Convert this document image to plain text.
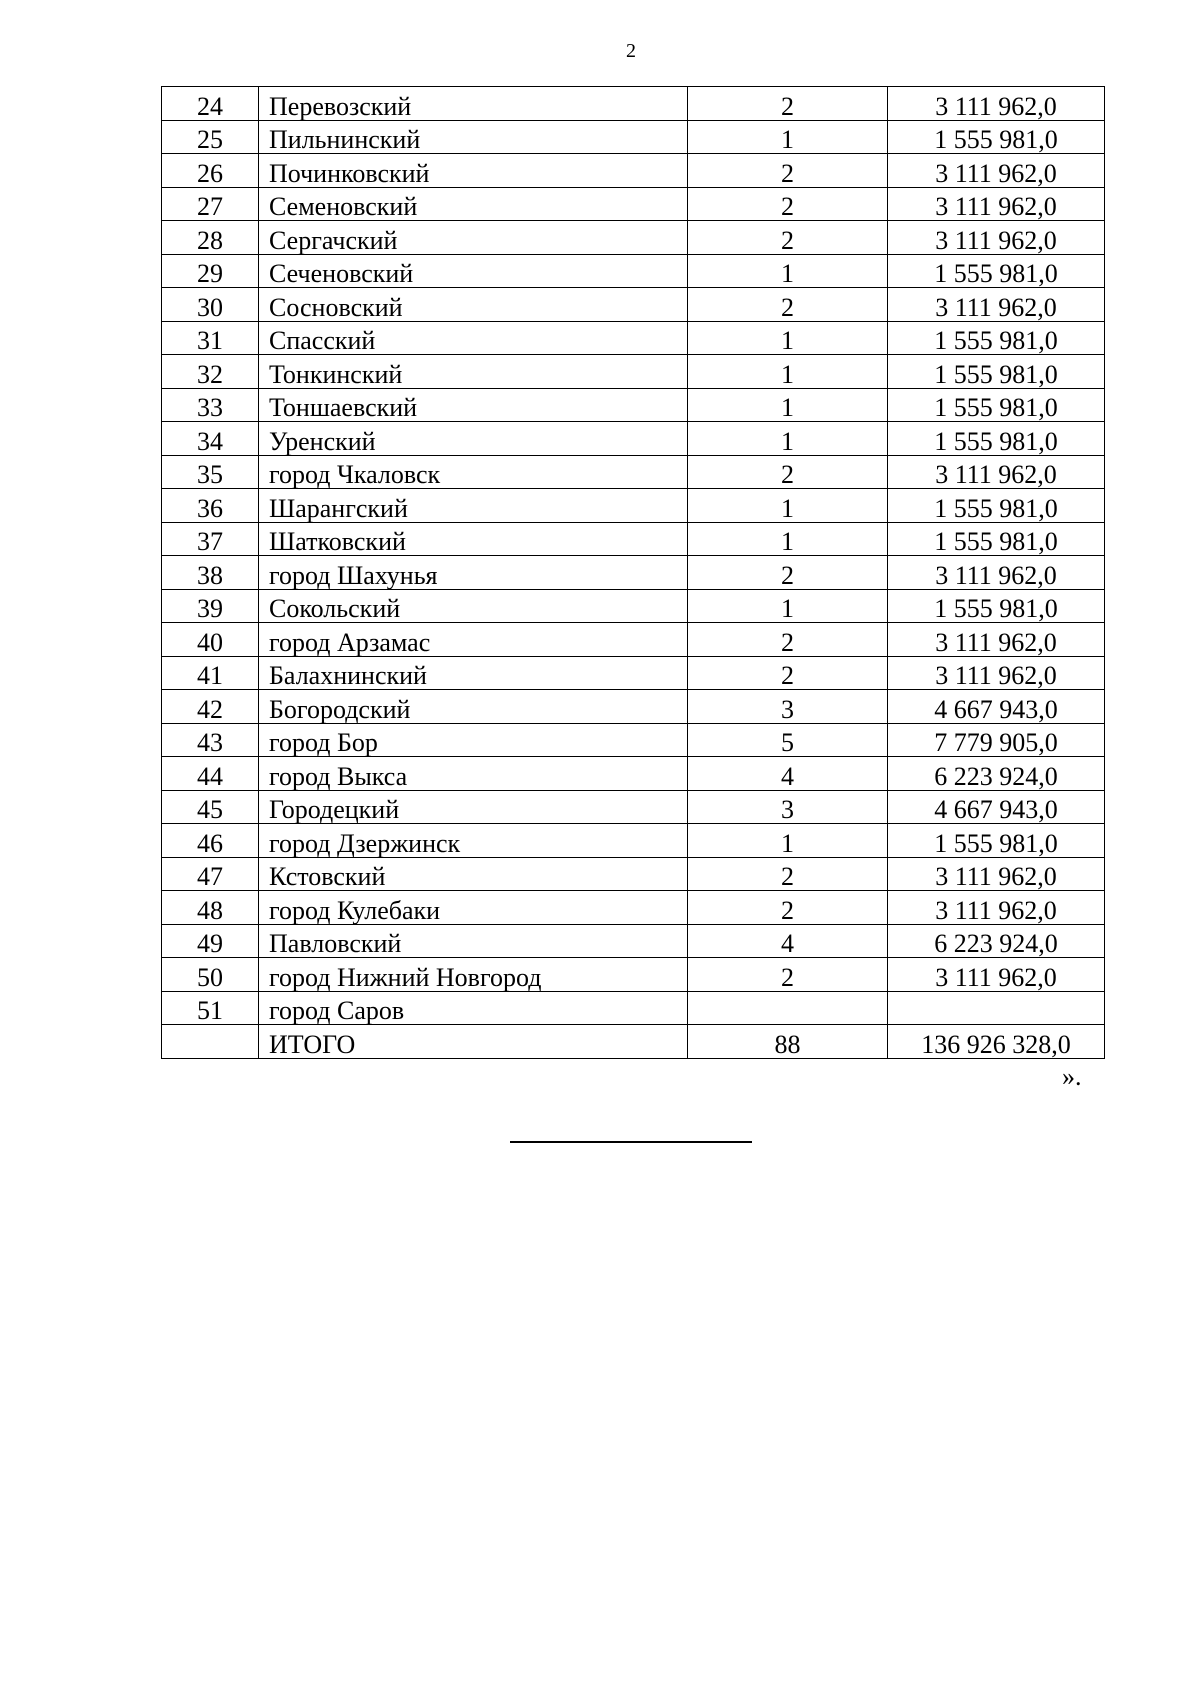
2
24	Перевозский	2	3 111 962,0
25	Пильнинский	1	1 555 981,0
26	Починковский	2	3 111 962,0
27	Семеновский	2	3 111 962,0
28	Сергачский	2	3 111 962,0
29	Сеченовский	1	1 555 981,0
30	Сосновский	2	3 111 962,0
31	Спасский	1	1 555 981,0
32	Тонкинский	1	1 555 981,0
33	Тоншаевский	1	1 555 981,0
34	Уренский	1	1 555 981,0
35	город Чкаловск	2	3 111 962,0
36	Шарангский	1	1 555 981,0
37	Шатковский	1	1 555 981,0
38	город Шахунья	2	3 111 962,0
39	Сокольский	1	1 555 981,0
40	город Арзамас	2	3 111 962,0
41	Балахнинский	2	3 111 962,0
42	Богородский	3	4 667 943,0
43	город Бор	5	7 779 905,0
44	город Выкса	4	6 223 924,0
45	Городецкий	3	4 667 943,0
46	город Дзержинск	1	1 555 981,0
47	Кстовский	2	3 111 962,0
48	город Кулебаки	2	3 111 962,0
49	Павловский	4	6 223 924,0
50	город Нижний Новгород	2	3 111 962,0
51	город Саров		
	ИТОГО	88	136 926 328,0
».
